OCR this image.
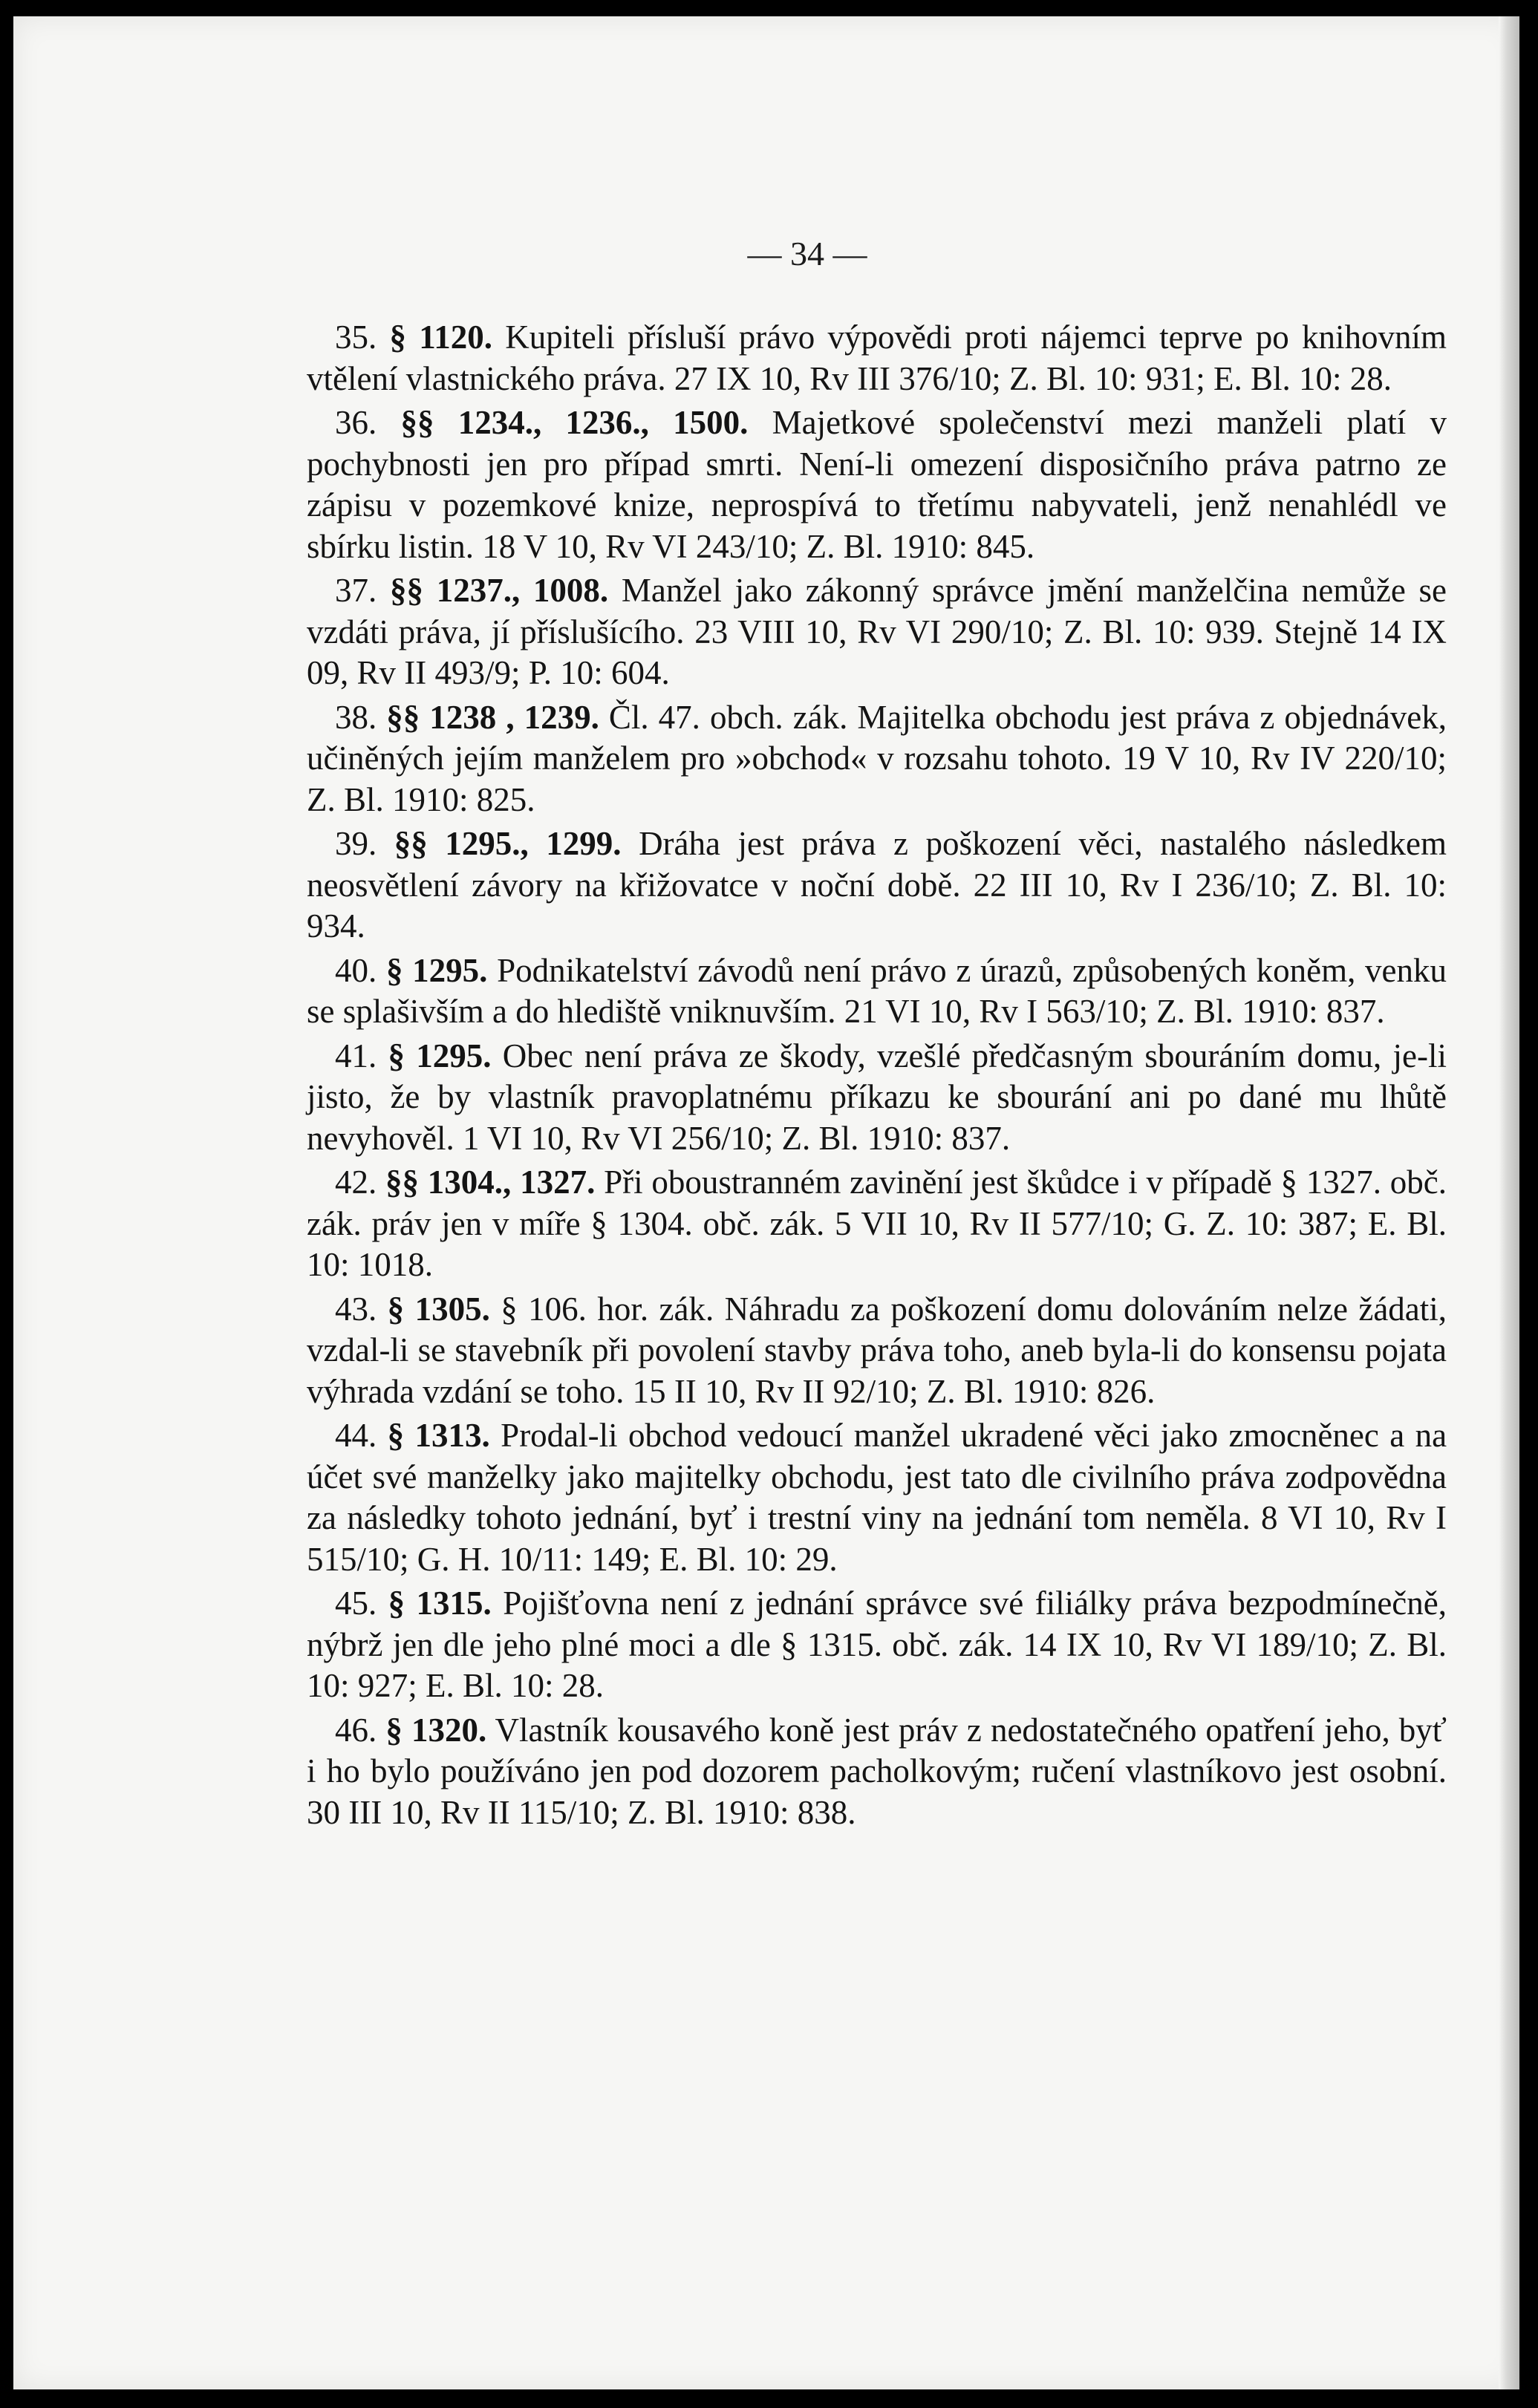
— 34 —

35. § 1120. Kupiteli přísluší právo výpovědi proti nájemci teprve po knihovním vtělení vlastnického práva. 27 IX 10, Rv III 376/10; Z. Bl. 10: 931; E. Bl. 10: 28.

36. §§ 1234., 1236., 1500. Majetkové společenství mezi manželi platí v pochybnosti jen pro případ smrti. Není-li omezení disposičního práva patrno ze zápisu v pozemkové knize, neprospívá to třetímu nabyvateli, jenž nenahlédl ve sbírku listin. 18 V 10, Rv VI 243/10; Z. Bl. 1910: 845.

37. §§ 1237., 1008. Manžel jako zákonný správce jmění manželčina nemůže se vzdáti práva, jí příslušícího. 23 VIII 10, Rv VI 290/10; Z. Bl. 10: 939. Stejně 14 IX 09, Rv II 493/9; P. 10: 604.

38. §§ 1238 , 1239. Čl. 47. obch. zák. Majitelka obchodu jest práva z objednávek, učiněných jejím manželem pro »obchod« v rozsahu tohoto. 19 V 10, Rv IV 220/10; Z. Bl. 1910: 825.

39. §§ 1295., 1299. Dráha jest práva z poškození věci, nastalého následkem neosvětlení závory na křižovatce v noční době. 22 III 10, Rv I 236/10; Z. Bl. 10: 934.

40. § 1295. Podnikatelství závodů není právo z úrazů, způsobených koněm, venku se splašivším a do hlediště vniknuvším. 21 VI 10, Rv I 563/10; Z. Bl. 1910: 837.

41. § 1295. Obec není práva ze škody, vzešlé předčasným sbouráním domu, je-li jisto, že by vlastník pravoplatnému příkazu ke sbourání ani po dané mu lhůtě nevyhověl. 1 VI 10, Rv VI 256/10; Z. Bl. 1910: 837.

42. §§ 1304., 1327. Při oboustranném zavinění jest škůdce i v případě § 1327. obč. zák. práv jen v míře § 1304. obč. zák. 5 VII 10, Rv II 577/10; G. Z. 10: 387; E. Bl. 10: 1018.

43. § 1305. § 106. hor. zák. Náhradu za poškození domu dolováním nelze žádati, vzdal-li se stavebník při povolení stavby práva toho, aneb byla-li do konsensu pojata výhrada vzdání se toho. 15 II 10, Rv II 92/10; Z. Bl. 1910: 826.

44. § 1313. Prodal-li obchod vedoucí manžel ukradené věci jako zmocněnec a na účet své manželky jako majitelky obchodu, jest tato dle civilního práva zodpovědna za následky tohoto jednání, byť i trestní viny na jednání tom neměla. 8 VI 10, Rv I 515/10; G. H. 10/11: 149; E. Bl. 10: 29.

45. § 1315. Pojišťovna není z jednání správce své filiálky práva bezpodmínečně, nýbrž jen dle jeho plné moci a dle § 1315. obč. zák. 14 IX 10, Rv VI 189/10; Z. Bl. 10: 927; E. Bl. 10: 28.

46. § 1320. Vlastník kousavého koně jest práv z nedostatečného opatření jeho, byť i ho bylo používáno jen pod dozorem pacholkovým; ručení vlastníkovo jest osobní. 30 III 10, Rv II 115/10; Z. Bl. 1910: 838.
